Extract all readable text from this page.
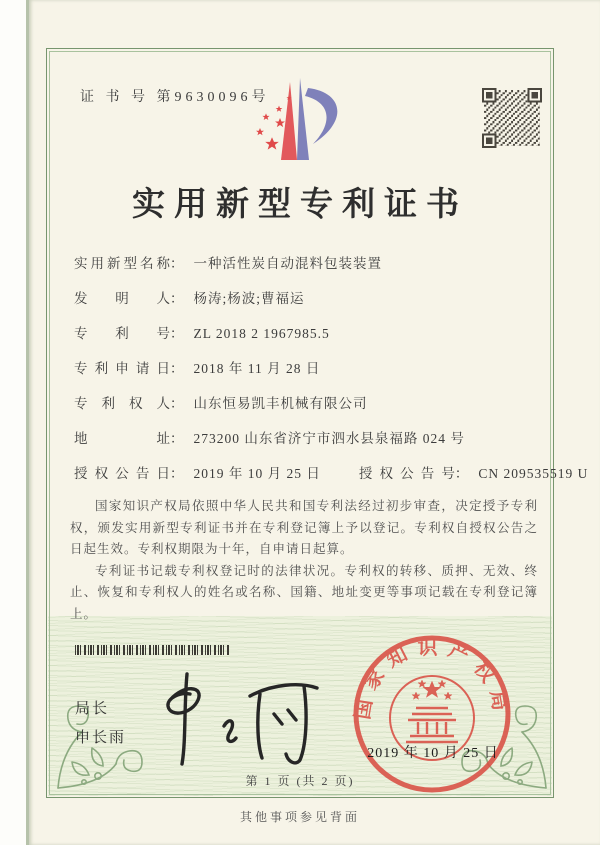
证 书 号 第9630096号
实用新型专利证书
实用新型名称： 一种活性炭自动混料包装装置
发明人： 杨涛;杨波;曹福运
专利号： ZL 2018 2 1967985.5
专利申请日： 2018 年 11 月 28 日
专利权人： 山东恒易凯丰机械有限公司
地址： 273200 山东省济宁市泗水县泉福路 024 号
授权公告日： 2019 年 10 月 25 日	授权公告号： CN 209535519 U

国家知识产权局依照中华人民共和国专利法经过初步审查，决定授予专利权，颁发实用新型专利证书并在专利登记簿上予以登记。专利权自授权公告之日起生效。专利权期限为十年，自申请日起算。

专利证书记载专利权登记时的法律状况。专利权的转移、质押、无效、终止、恢复和专利权人的姓名或名称、国籍、地址变更等事项记载在专利登记簿上。

局长
申长雨
国家知识产权局
2019 年 10 月 25 日
第 1 页 (共 2 页)
其他事项参见背面
